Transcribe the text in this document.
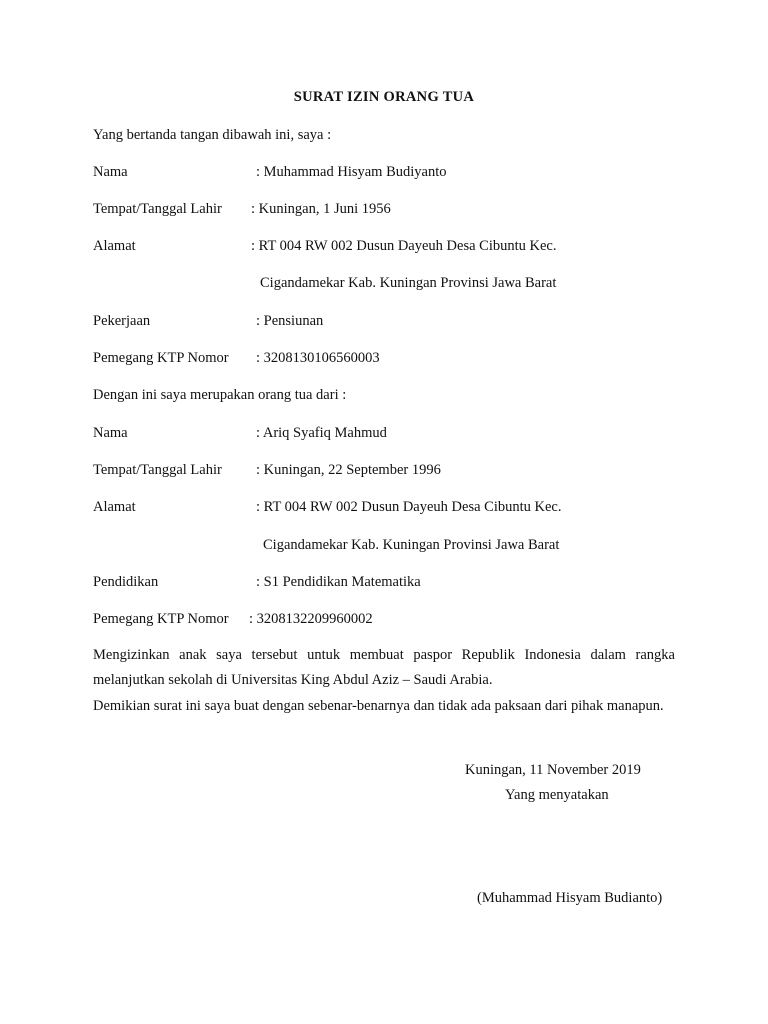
SURAT IZIN ORANG TUA
Yang bertanda tangan dibawah ini, saya :
Nama	: Muhammad Hisyam Budiyanto
Tempat/Tanggal Lahir : Kuningan, 1 Juni 1956
Alamat	: RT 004 RW 002 Dusun Dayeuh Desa Cibuntu Kec.
Cigandamekar Kab. Kuningan Provinsi Jawa Barat
Pekerjaan	: Pensiunan
Pemegang KTP Nomor : 3208130106560003
Dengan ini saya merupakan orang tua dari :
Nama	: Ariq Syafiq Mahmud
Tempat/Tanggal Lahir : Kuningan, 22 September 1996
Alamat	: RT 004 RW 002 Dusun Dayeuh Desa Cibuntu Kec.
Cigandamekar Kab. Kuningan Provinsi Jawa Barat
Pendidikan	: S1 Pendidikan Matematika
Pemegang KTP Nomor : 3208132209960002
Mengizinkan anak saya tersebut untuk membuat paspor Republik Indonesia dalam rangka melanjutkan sekolah di Universitas King Abdul Aziz – Saudi Arabia.
Demikian surat ini saya buat dengan sebenar-benarnya dan tidak ada paksaan dari pihak manapun.
Kuningan, 11 November 2019
Yang menyatakan
(Muhammad Hisyam Budianto)
